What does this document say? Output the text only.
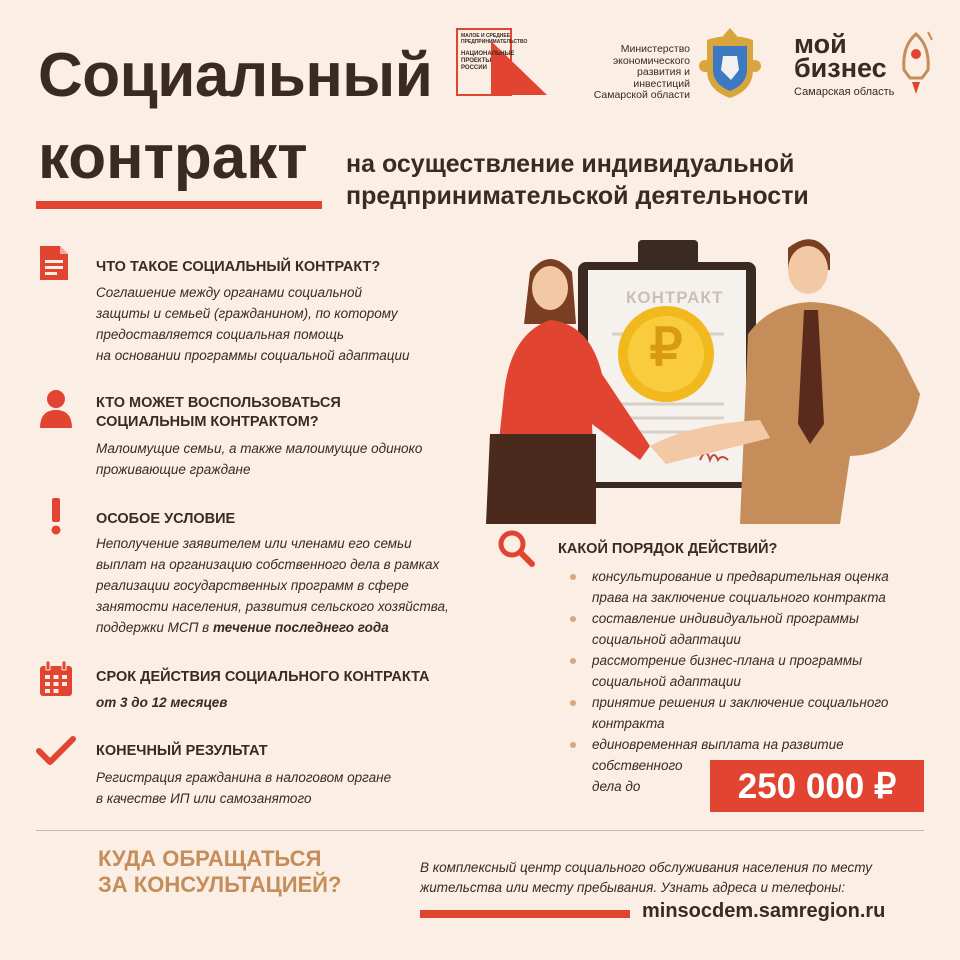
Социальный
контракт на осуществление индивидуальной
предпринимательской деятельности
МАЛОЕ И СРЕДНЕЕ ПРЕДПРИНИМАТЕЛЬСТВО
НАЦИОНАЛЬНЫЕ
ПРОЕКТЫ
РОССИИ
Министерство
экономического
развития и инвестиций
Самарской области
мой
бизнес
Самарская область
КОНТРАКТ
₽
ЧТО ТАКОЕ СОЦИАЛЬНЫЙ КОНТРАКТ?
Соглашение между органами социальной
защиты и семьей (гражданином), по которому
предоставляется социальная помощь
на основании программы социальной адаптации
КТО МОЖЕТ ВОСПОЛЬЗОВАТЬСЯ
СОЦИАЛЬНЫМ КОНТРАКТОМ?
Малоимущие семьи, а также малоимущие одиноко
проживающие граждане
ОСОБОЕ УСЛОВИЕ
Неполучение заявителем или членами его семьи
выплат на организацию собственного дела в рамках
реализации государственных программ в сфере
занятости населения, развития сельского хозяйства,
поддержки МСП в течение последнего года
СРОК ДЕЙСТВИЯ СОЦИАЛЬНОГО КОНТРАКТА
от 3 до 12 месяцев
КОНЕЧНЫЙ РЕЗУЛЬТАТ
Регистрация гражданина в налоговом органе
в качестве ИП или самозанятого
КАКОЙ ПОРЯДОК ДЕЙСТВИЙ?
консультирование и предварительная оценка
права на заключение социального контракта
составление индивидуальной программы
социальной адаптации
рассмотрение бизнес-плана и программы
социальной адаптации
принятие решения и заключение социального
контракта
единовременная выплата на развитие
собственного
дела до	250 000 ₽
КУДА ОБРАЩАТЬСЯ
ЗА КОНСУЛЬТАЦИЕЙ?
В комплексный центр социального обслуживания населения по месту
жительства или месту пребывания. Узнать адреса и телефоны:
minsocdem.samregion.ru
